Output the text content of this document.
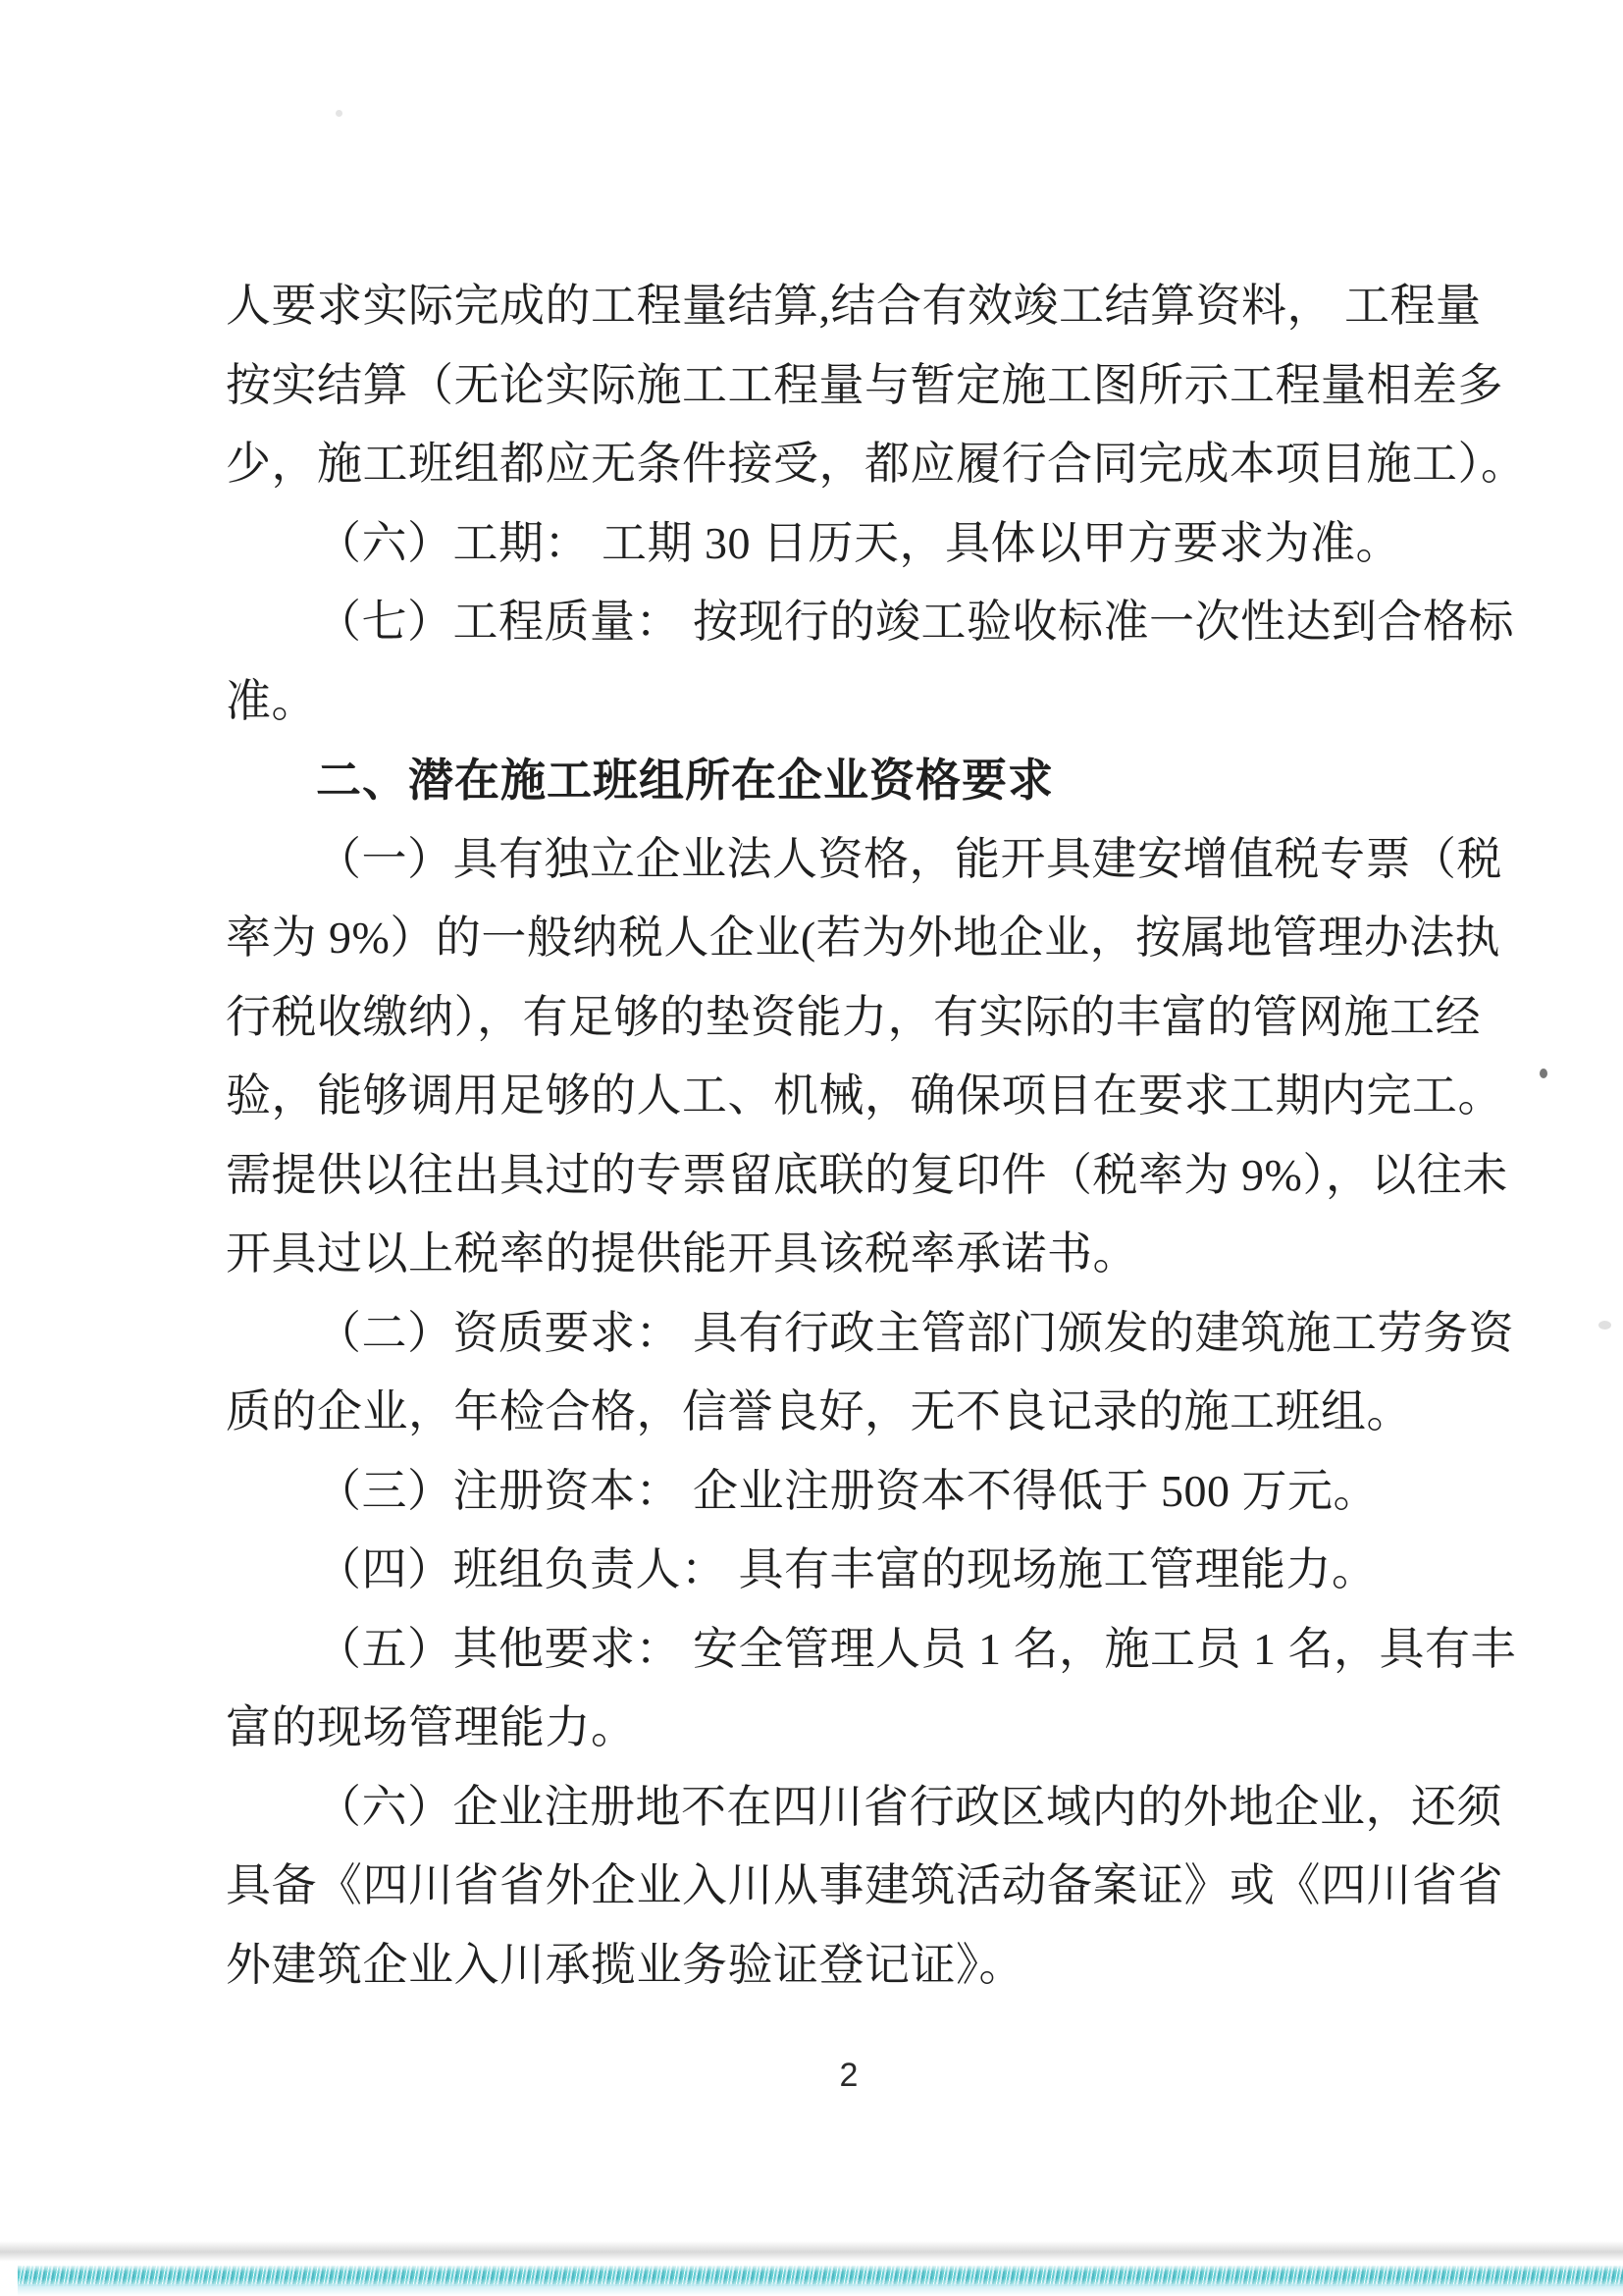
人要求实际完成的工程量结算,结合有效竣工结算资料， 工程量
按实结算（无论实际施工工程量与暂定施工图所示工程量相差多
少，施工班组都应无条件接受，都应履行合同完成本项目施工）。
（六）工期： 工期 30 日历天，具体以甲方要求为准。
（七）工程质量： 按现行的竣工验收标准一次性达到合格标
准。
二、潜在施工班组所在企业资格要求
（一）具有独立企业法人资格，能开具建安增值税专票（税
率为 9%）的一般纳税人企业(若为外地企业，按属地管理办法执
行税收缴纳），有足够的垫资能力，有实际的丰富的管网施工经
验，能够调用足够的人工、机械，确保项目在要求工期内完工。
需提供以往出具过的专票留底联的复印件（税率为 9%），以往未
开具过以上税率的提供能开具该税率承诺书。
（二）资质要求： 具有行政主管部门颁发的建筑施工劳务资
质的企业，年检合格，信誉良好，无不良记录的施工班组。
（三）注册资本： 企业注册资本不得低于 500 万元。
（四）班组负责人： 具有丰富的现场施工管理能力。
（五）其他要求： 安全管理人员 1 名，施工员 1 名，具有丰
富的现场管理能力。
（六）企业注册地不在四川省行政区域内的外地企业，还须
具备《四川省省外企业入川从事建筑活动备案证》或《四川省省
外建筑企业入川承揽业务验证登记证》。
2
